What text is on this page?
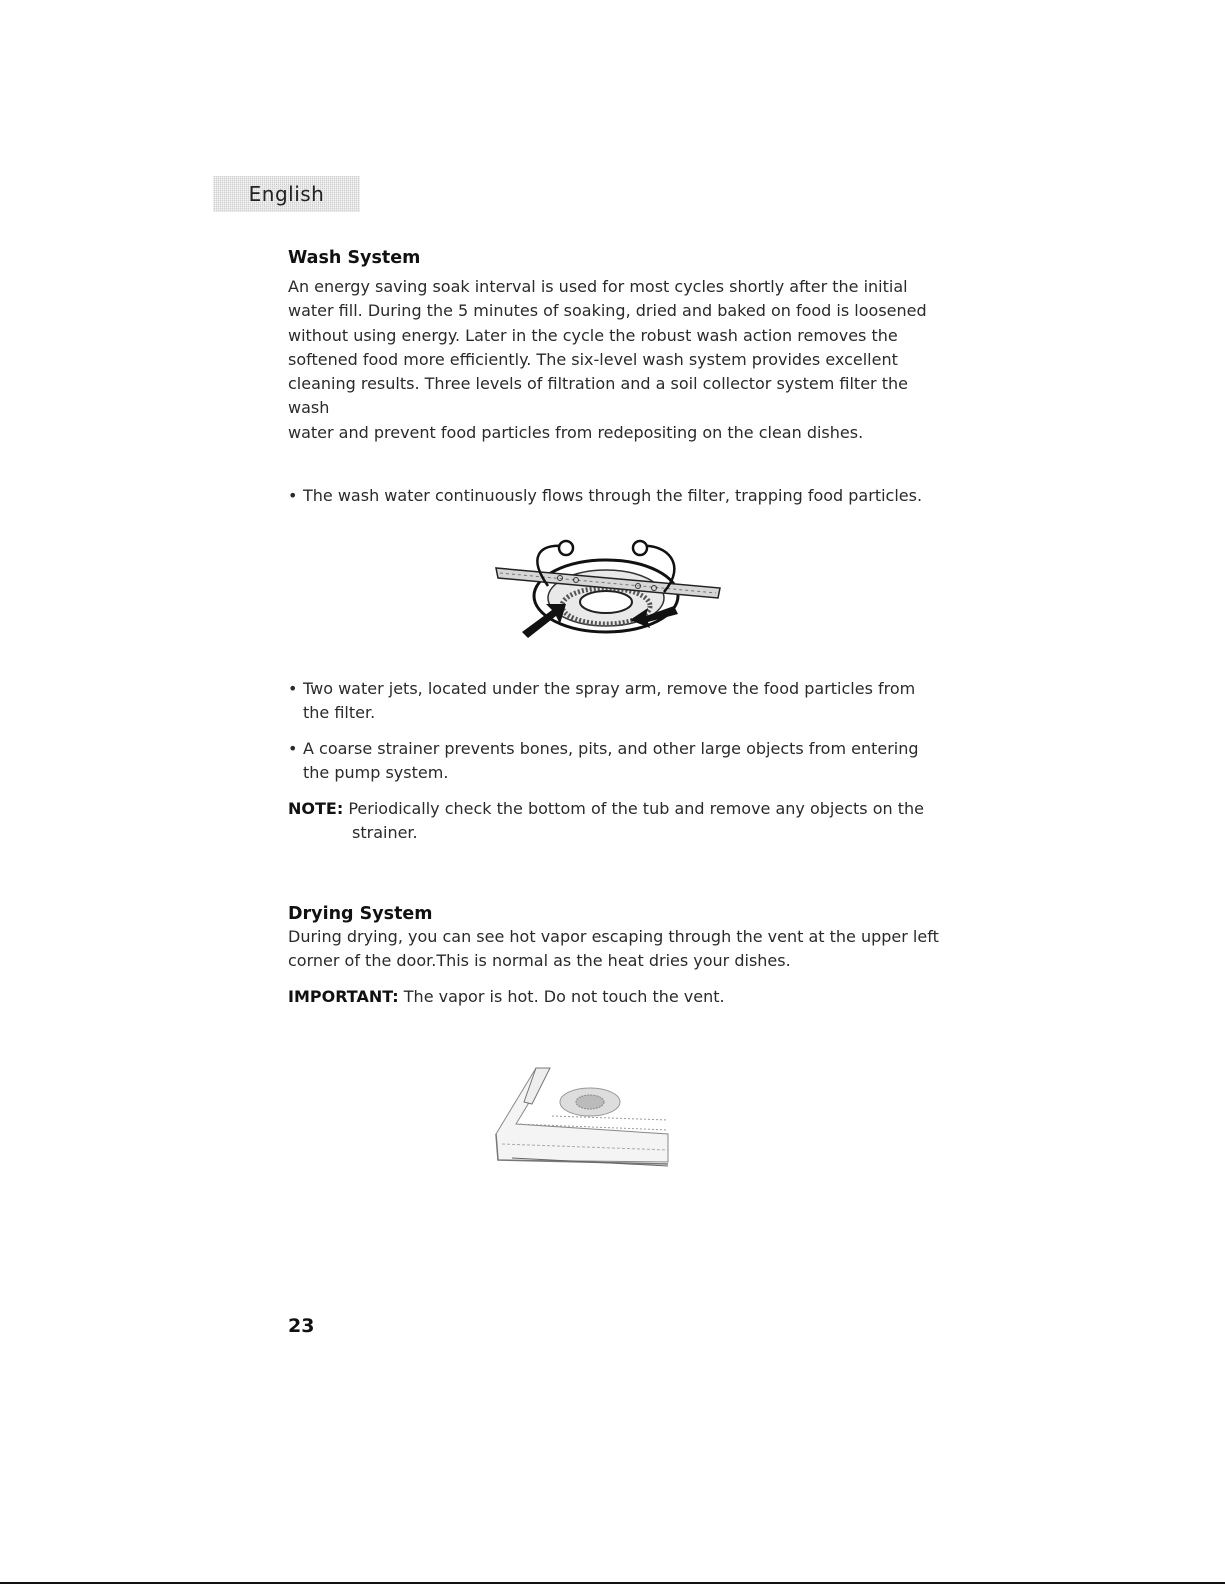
English
Wash System

An energy saving soak interval is used for most cycles shortly after the initial

water fill. During the 5 minutes of soaking, dried and baked on food is loosened

without using energy. Later in the cycle the robust wash action removes the

softened food more efficiently. The six-level wash system provides excellent

cleaning results. Three levels of filtration and a soil collector system filter the wash

water and prevent food particles from redepositing on the clean dishes.

• The wash water continuously flows through the filter, trapping food particles.
• Two water jets, located under the spray arm, remove the food particles from
the filter.
• A coarse strainer prevents bones, pits, and other large objects from entering
the pump system.

NOTE: Periodically check the bottom of the tub and remove any objects on the
strainer.

Drying System

During drying, you can see hot vapor escaping through the vent at the upper left

corner of the door.This is normal as the heat dries your dishes.

IMPORTANT: The vapor is hot. Do not touch the vent.

23
